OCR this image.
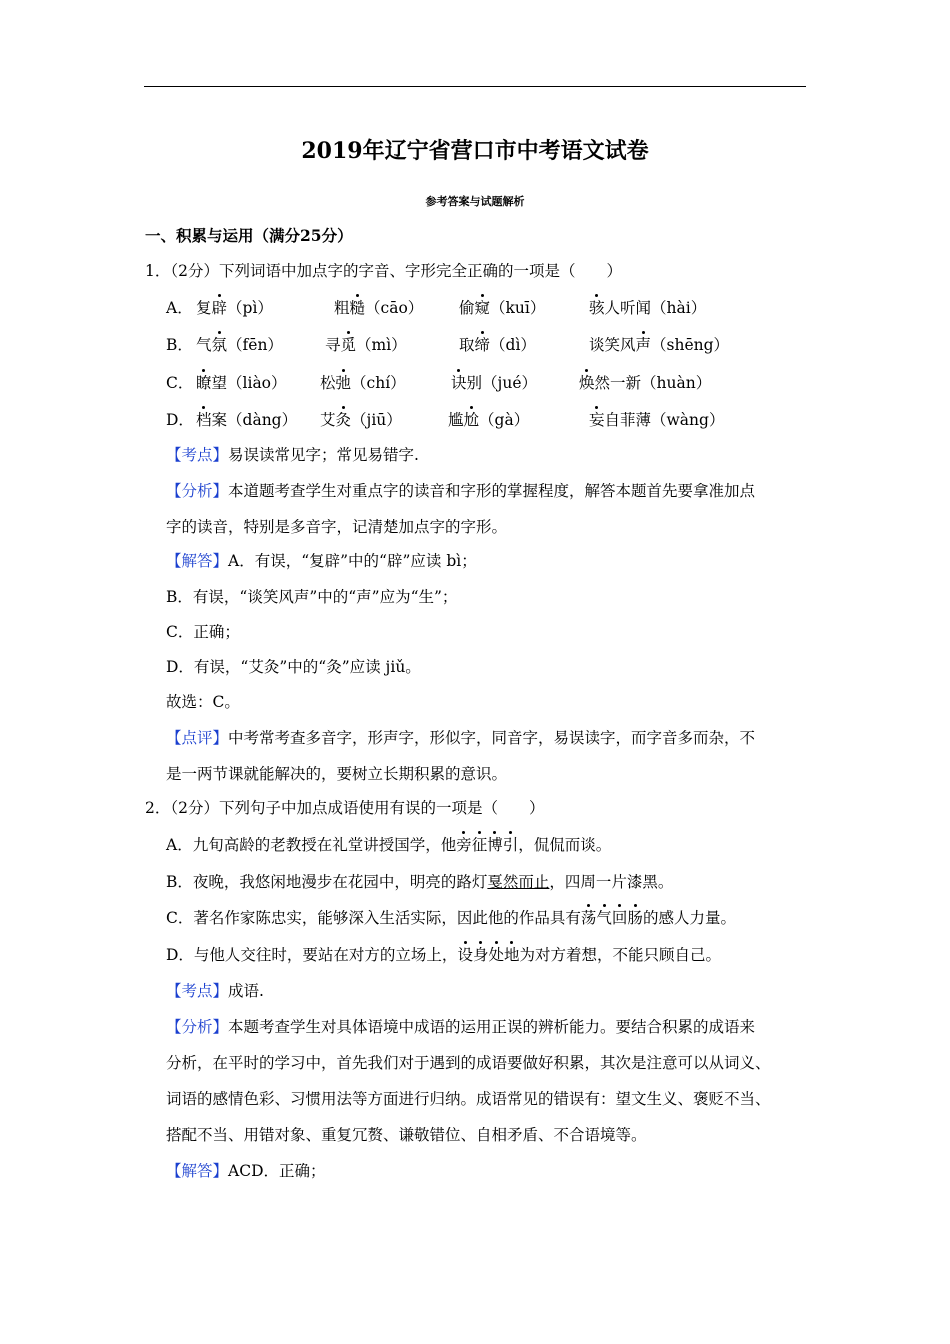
2019年辽宁省营口市中考语文试卷
参考答案与试题解析
一、积累与运用（满分25分）
1．（2分）下列词语中加点字的字音、字形完全正确的一项是（　　）
A． 复辟（pì）	粗糙（cāo） 偷窥（kuī）	骇人听闻（hài）
B． 气氛（fēn）	寻觅（mì）	取缔（dì）	谈笑风声（shēng）
C． 瞭望（liào） 松弛（chí）	诀别（jué）	焕然一新（huàn）
D． 档案（dàng） 艾灸（jiū）	尴尬（gà）	妄自菲薄（wàng）
【考点】易误读常见字；常见易错字.
【分析】本道题考查学生对重点字的读音和字形的掌握程度，解答本题首先要拿准加点
字的读音，特别是多音字，记清楚加点字的字形。
【解答】A．有误，“复辟”中的“辟”应读 bì；
B．有误，“谈笑风声”中的“声”应为“生”；
C．正确；
D．有误，“艾灸”中的“灸”应读 jiǔ。
故选：C。
【点评】中考常考查多音字，形声字，形似字，同音字，易误读字，而字音多而杂，不
是一两节课就能解决的，要树立长期积累的意识。
2．（2分）下列句子中加点成语使用有误的一项是（　　）
A．九旬高龄的老教授在礼堂讲授国学，他旁征博引，侃侃而谈。
B．夜晚，我悠闲地漫步在花园中，明亮的路灯戛然而止，四周一片漆黑。
C．著名作家陈忠实，能够深入生活实际，因此他的作品具有荡气回肠的感人力量。
D．与他人交往时，要站在对方的立场上，设身处地为对方着想，不能只顾自己。
【考点】成语.
【分析】本题考查学生对具体语境中成语的运用正误的辨析能力。要结合积累的成语来
分析，在平时的学习中，首先我们对于遇到的成语要做好积累，其次是注意可以从词义、
词语的感情色彩、习惯用法等方面进行归纳。成语常见的错误有：望文生义、褒贬不当、
搭配不当、用错对象、重复冗赘、谦敬错位、自相矛盾、不合语境等。
【解答】ACD．正确；
